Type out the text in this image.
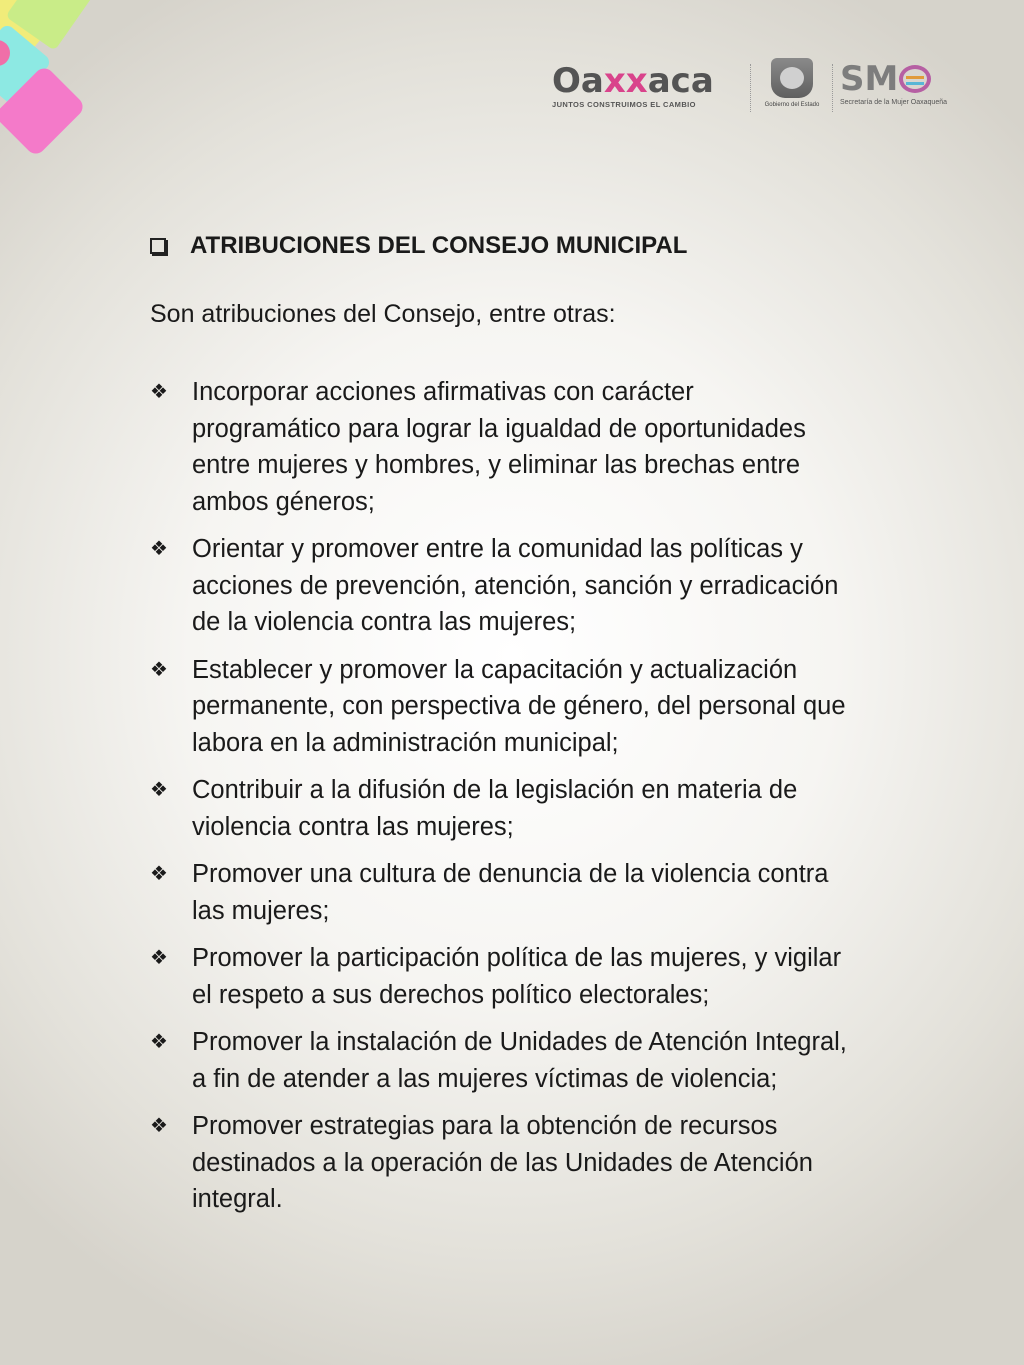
Oaxxaca
JUNTOS CONSTRUIMOS EL CAMBIO	Gobierno del Estado
SM
Secretaría de la Mujer Oaxaqueña
ATRIBUCIONES DEL CONSEJO MUNICIPAL
Son atribuciones del Consejo, entre otras:
❖ Incorporar acciones afirmativas con carácter
programático para lograr la igualdad de oportunidades
entre mujeres y hombres, y eliminar las brechas entre
ambos géneros;
❖ Orientar y promover entre la comunidad las políticas y
acciones de prevención, atención, sanción y erradicación
de la violencia contra las mujeres;
❖ Establecer y promover la capacitación y actualización
permanente, con perspectiva de género, del personal que
labora en la administración municipal;
❖ Contribuir a la difusión de la legislación en materia de
violencia contra las mujeres;
❖ Promover una cultura de denuncia de la violencia contra
las mujeres;
❖ Promover la participación política de las mujeres, y vigilar
el respeto a sus derechos político electorales;
❖ Promover la instalación de Unidades de Atención Integral,
a fin de atender a las mujeres víctimas de violencia;
❖ Promover estrategias para la obtención de recursos
destinados a la operación de las Unidades de Atención
integral.
